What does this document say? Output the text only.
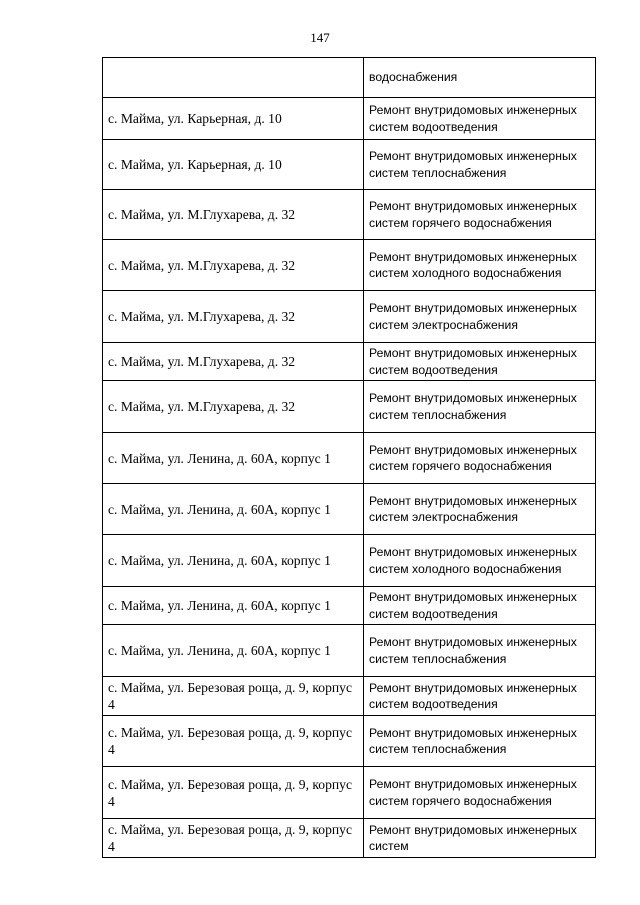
147

	водоснабжения

с. Майма, ул. Карьерная, д. 10	Ремонт внутридомовых инженерных систем водоотведения

с. Майма, ул. Карьерная, д. 10	Ремонт внутридомовых инженерных систем теплоснабжения

с. Майма, ул. М.Глухарева, д. 32	Ремонт внутридомовых инженерных систем горячего водоснабжения

с. Майма, ул. М.Глухарева, д. 32	Ремонт внутридомовых инженерных систем холодного водоснабжения

с. Майма, ул. М.Глухарева, д. 32	Ремонт внутридомовых инженерных систем электроснабжения

с. Майма, ул. М.Глухарева, д. 32	Ремонт внутридомовых инженерных систем водоотведения

с. Майма, ул. М.Глухарева, д. 32	Ремонт внутридомовых инженерных систем теплоснабжения

с. Майма, ул. Ленина, д. 60А, корпус 1	Ремонт внутридомовых инженерных систем горячего водоснабжения

с. Майма, ул. Ленина, д. 60А, корпус 1	Ремонт внутридомовых инженерных систем электроснабжения

с. Майма, ул. Ленина, д. 60А, корпус 1	Ремонт внутридомовых инженерных систем холодного водоснабжения

с. Майма, ул. Ленина, д. 60А, корпус 1	Ремонт внутридомовых инженерных систем водоотведения

с. Майма, ул. Ленина, д. 60А, корпус 1	Ремонт внутридомовых инженерных систем теплоснабжения

с. Майма, ул. Березовая роща, д. 9, корпус 4	Ремонт внутридомовых инженерных систем водоотведения

с. Майма, ул. Березовая роща, д. 9, корпус 4	Ремонт внутридомовых инженерных систем теплоснабжения

с. Майма, ул. Березовая роща, д. 9, корпус 4	Ремонт внутридомовых инженерных систем горячего водоснабжения

с. Майма, ул. Березовая роща, д. 9, корпус 4	Ремонт внутридомовых инженерных систем
